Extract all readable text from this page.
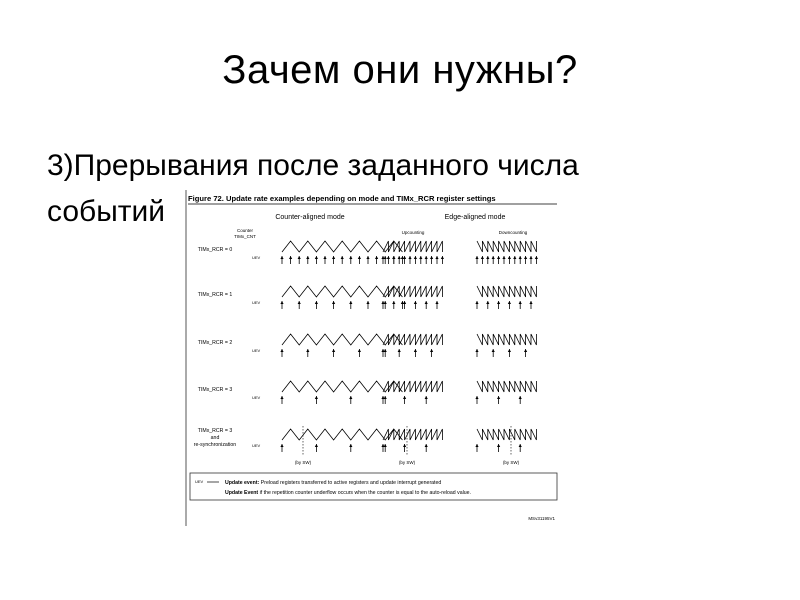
Зачем они нужны?
3)Прерывания после заданного числа
событий	Figure 72. Update rate examples depending on mode and TIMx_RCR register settings
Counter-aligned mode	Edge-aligned mode
Upcounting	Downcounting
Counter
TIMx_CNT
TIMx_RCR = 0
UEV
TIMx_RCR = 1
UEV
TIMx_RCR = 2
UEV
TIMx_RCR = 3
UEV
TIMx_RCR = 3
and
re-synchronization	UEV
(by SW)	(by SW)	(by SW)
Update event: Preload registers transferred to active registers and update interrupt generated
Update Event if the repetition counter underflow occurs when the counter is equal to the auto-reload value.
UEV
MSv31195V1
